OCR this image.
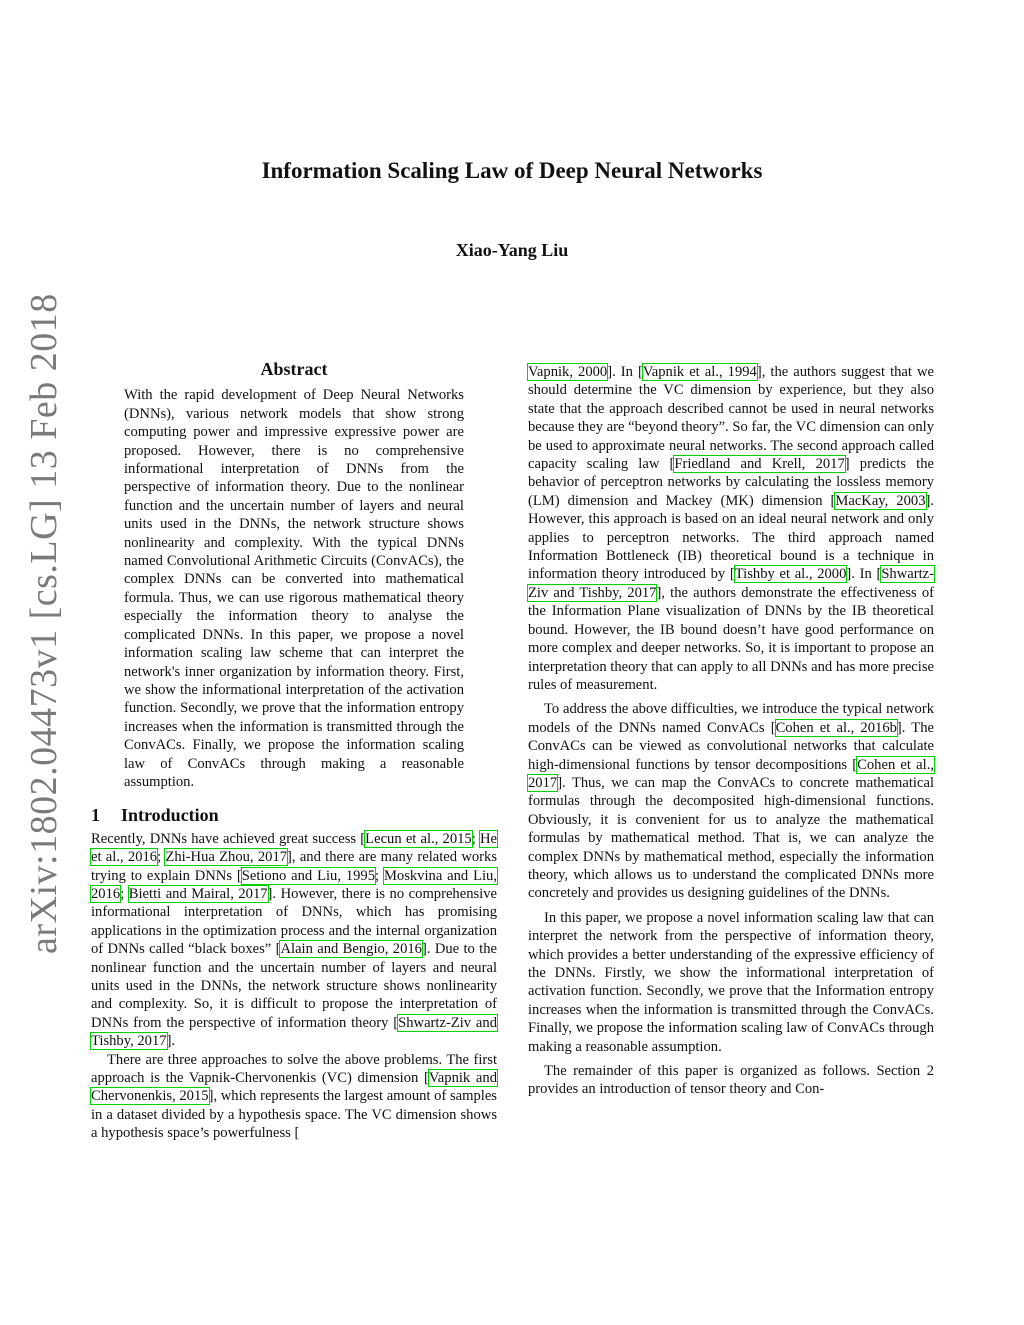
arXiv:1802.04473v1 [cs.LG] 13 Feb 2018
Information Scaling Law of Deep Neural Networks
Xiao-Yang Liu
Abstract

With the rapid development of Deep Neural Networks (DNNs), various network models that show strong computing power and impressive expressive power are proposed. However, there is no comprehensive informational interpretation of DNNs from the perspective of information theory. Due to the nonlinear function and the uncertain number of layers and neural units used in the DNNs, the network structure shows nonlinearity and complexity. With the typical DNNs named Convolutional Arithmetic Circuits (ConvACs), the complex DNNs can be converted into mathematical formula. Thus, we can use rigorous mathematical theory especially the information theory to analyse the complicated DNNs. In this paper, we propose a novel information scaling law scheme that can interpret the network's inner organization by information theory. First, we show the informational interpretation of the activation function. Secondly, we prove that the information entropy increases when the information is transmitted through the ConvACs. Finally, we propose the information scaling law of ConvACs through making a reasonable assumption.

1 Introduction

Recently, DNNs have achieved great success [Lecun et al., 2015; He et al., 2016; Zhi-Hua Zhou, 2017], and there are many related works trying to explain DNNs [Setiono and Liu, 1995; Moskvina and Liu, 2016; Bietti and Mairal, 2017]. However, there is no comprehensive informational interpretation of DNNs, which has promising applications in the optimization process and the internal organization of DNNs called “black boxes” [Alain and Bengio, 2016]. Due to the nonlinear function and the uncertain number of layers and neural units used in the DNNs, the network structure shows nonlinearity and complexity. So, it is difficult to propose the interpretation of DNNs from the perspective of information theory [Shwartz-Ziv and Tishby, 2017].

There are three approaches to solve the above problems. The first approach is the Vapnik-Chervonenkis (VC) dimension [Vapnik and Chervonenkis, 2015], which represents the largest amount of samples in a dataset divided by a hypothesis space. The VC dimension shows a hypothesis space’s powerfulness [

Vapnik, 2000]. In [Vapnik et al., 1994], the authors suggest that we should determine the VC dimension by experience, but they also state that the approach described cannot be used in neural networks because they are “beyond theory”. So far, the VC dimension can only be used to approximate neural networks. The second approach called capacity scaling law [Friedland and Krell, 2017] predicts the behavior of perceptron networks by calculating the lossless memory (LM) dimension and Mackey (MK) dimension [MacKay, 2003]. However, this approach is based on an ideal neural network and only applies to perceptron networks. The third approach named Information Bottleneck (IB) theoretical bound is a technique in information theory introduced by [Tishby et al., 2000]. In [Shwartz-Ziv and Tishby, 2017], the authors demonstrate the effectiveness of the Information Plane visualization of DNNs by the IB theoretical bound. However, the IB bound doesn’t have good performance on more complex and deeper networks. So, it is important to propose an interpretation theory that can apply to all DNNs and has more precise rules of measurement.

To address the above difficulties, we introduce the typical network models of the DNNs named ConvACs [Cohen et al., 2016b]. The ConvACs can be viewed as convolutional networks that calculate high-dimensional functions by tensor decompositions [Cohen et al., 2017]. Thus, we can map the ConvACs to concrete mathematical formulas through the decomposited high-dimensional functions. Obviously, it is convenient for us to analyze the mathematical formulas by mathematical method. That is, we can analyze the complex DNNs by mathematical method, especially the information theory, which allows us to understand the complicated DNNs more concretely and provides us designing guidelines of the DNNs.

In this paper, we propose a novel information scaling law that can interpret the network from the perspective of information theory, which provides a better understanding of the expressive efficiency of the DNNs. Firstly, we show the informational interpretation of activation function. Secondly, we prove that the Information entropy increases when the information is transmitted through the ConvACs. Finally, we propose the information scaling law of ConvACs through making a reasonable assumption.

The remainder of this paper is organized as follows. Section 2 provides an introduction of tensor theory and Con-
